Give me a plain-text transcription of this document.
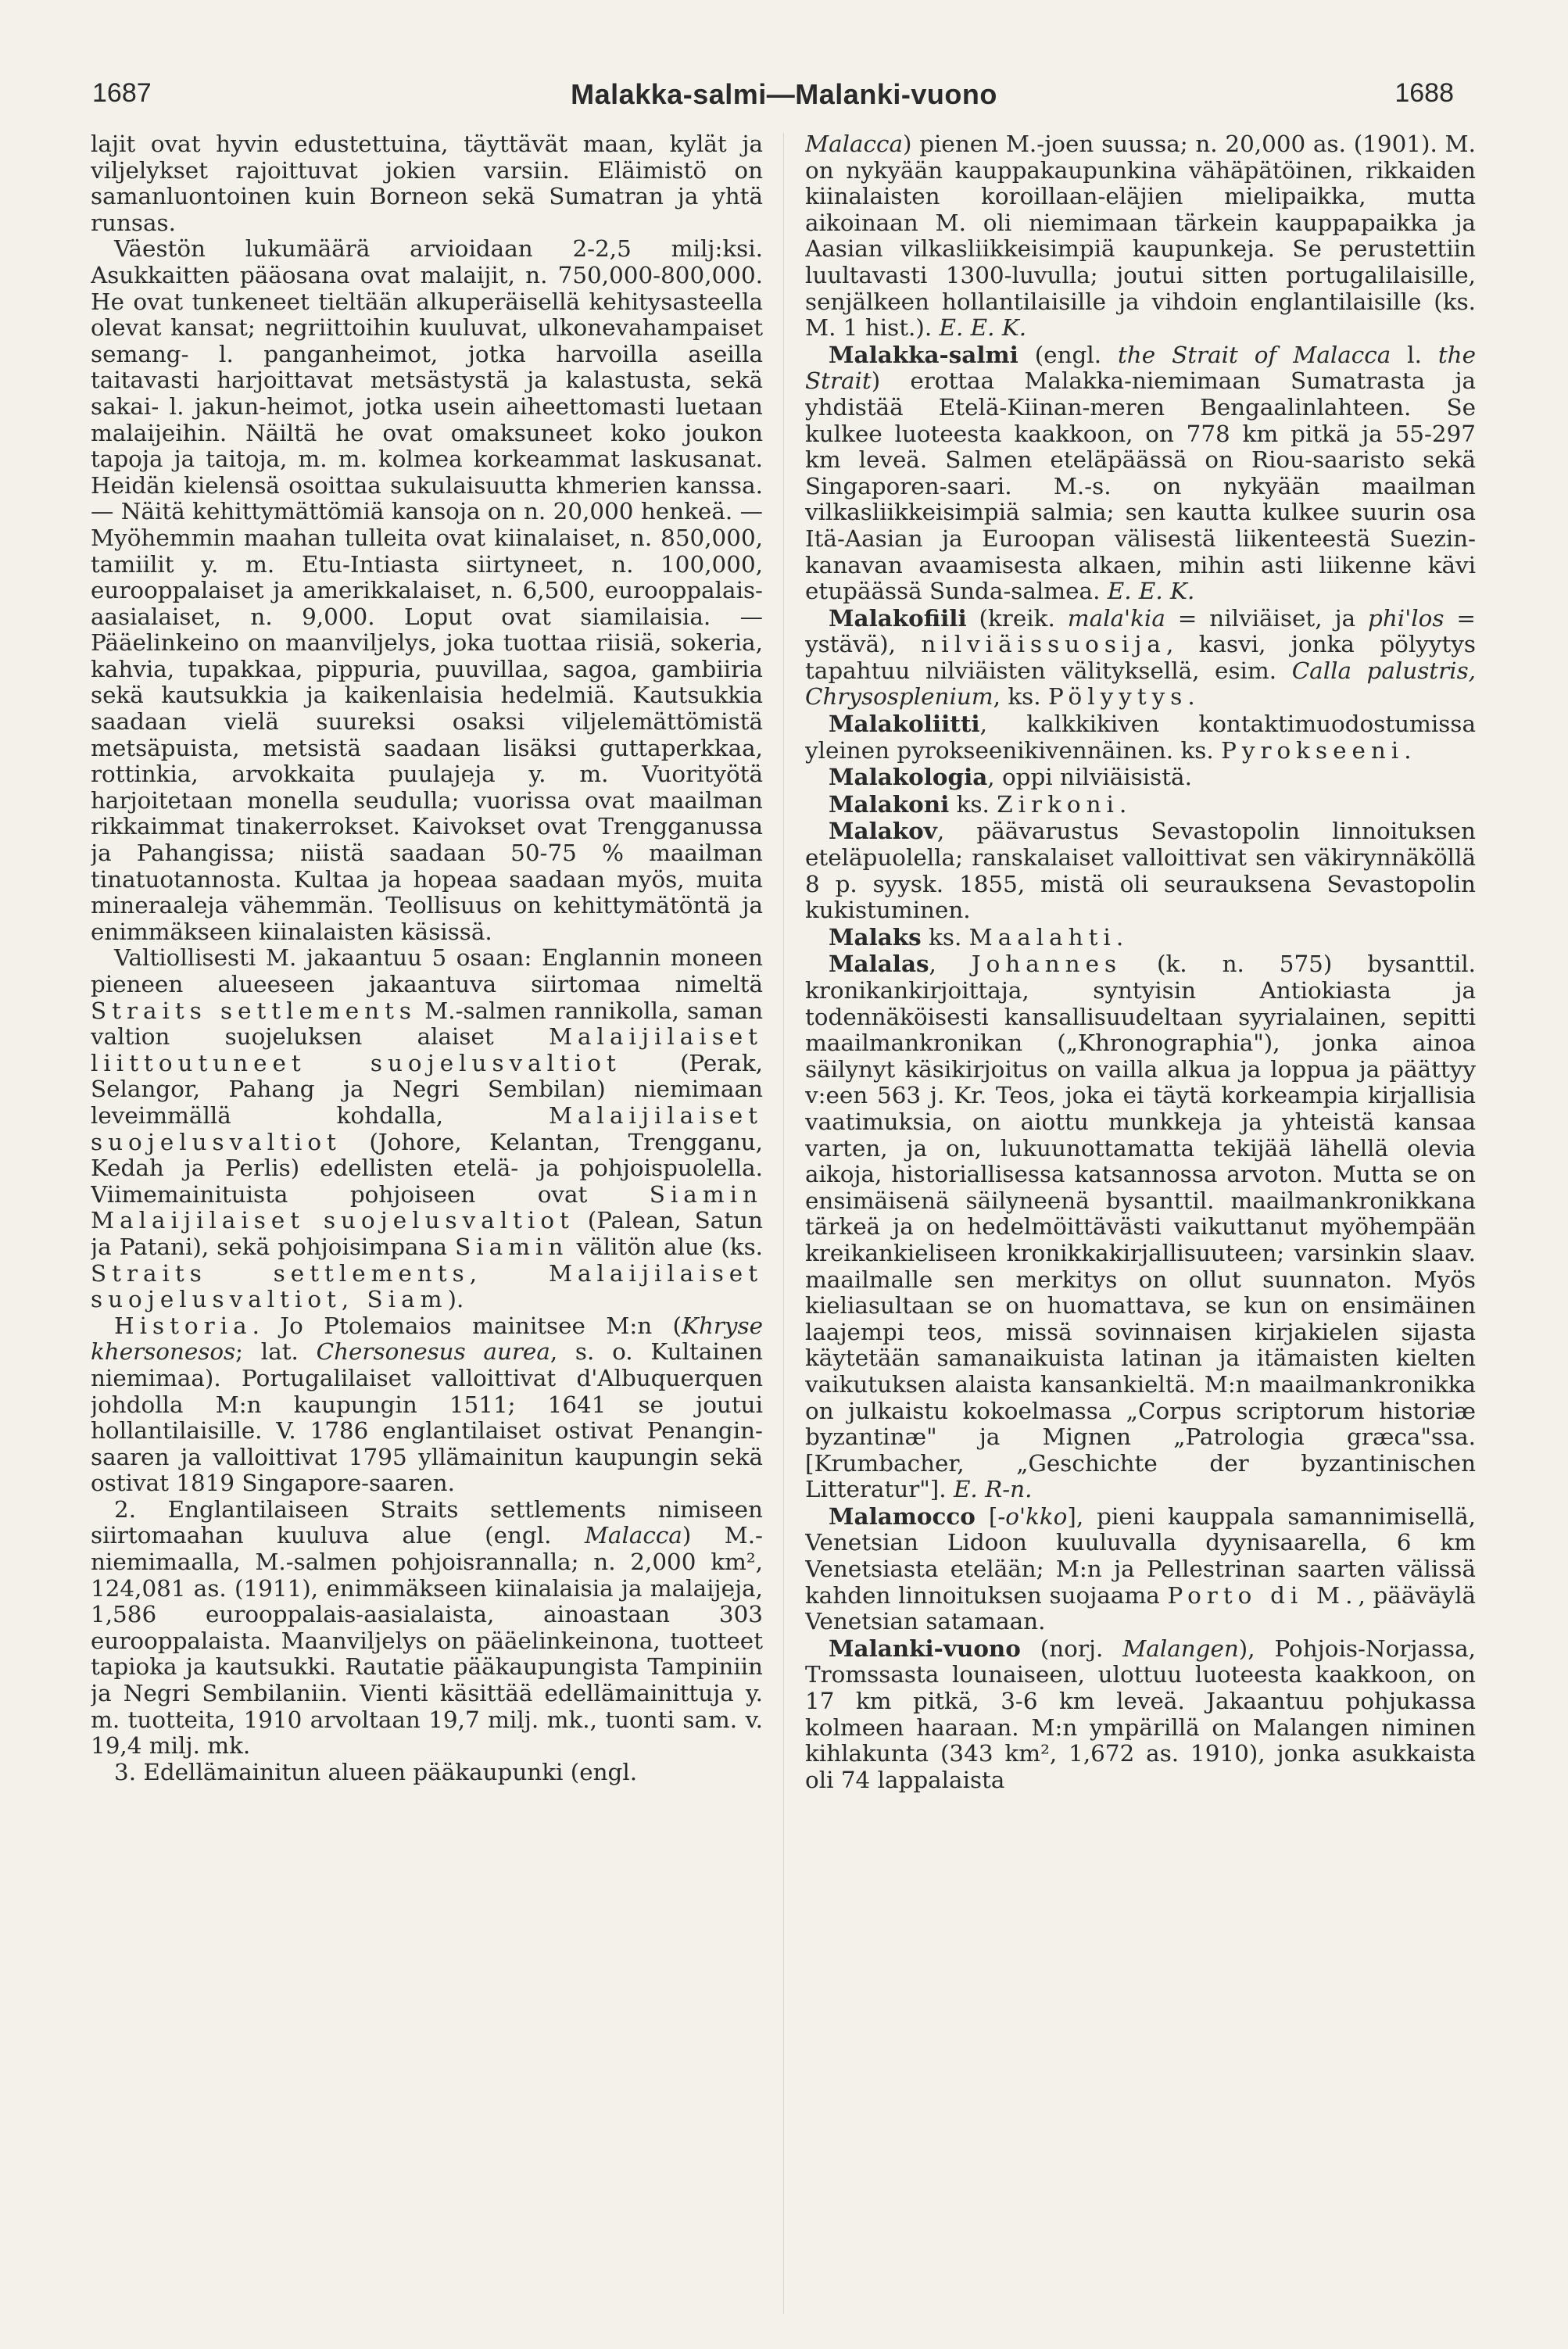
1687	Malakka-salmi—Malanki-vuono	1688

lajit ovat hyvin edustettuina, täyttävät maan, kylät ja viljelykset rajoittuvat jokien varsiin. Eläimistö on samanluontoinen kuin Borneon sekä Sumatran ja yhtä runsas.

Väestön lukumäärä arvioidaan 2-2,5 milj:ksi. Asukkaitten pääosana ovat malaijit, n. 750,000-800,000. He ovat tunkeneet tieltään alkuperäisellä kehitysasteella olevat kansat; negriittoihin kuuluvat, ulkonevahampaiset semang- l. panganheimot, jotka harvoilla aseilla taitavasti harjoittavat metsästystä ja kalastusta, sekä sakai- l. jakun-heimot, jotka usein aiheettomasti luetaan malaijeihin. Näiltä he ovat omaksuneet koko joukon tapoja ja taitoja, m. m. kolmea korkeammat laskusanat. Heidän kielensä osoittaa sukulaisuutta khmerien kanssa. — Näitä kehittymättömiä kansoja on n. 20,000 henkeä. — Myöhemmin maahan tulleita ovat kiinalaiset, n. 850,000, tamiilit y. m. Etu-Intiasta siirtyneet, n. 100,000, eurooppalaiset ja amerikkalaiset, n. 6,500, eurooppalais-aasialaiset, n. 9,000. Loput ovat siamilaisia. — Pääelinkeino on maanviljelys, joka tuottaa riisiä, sokeria, kahvia, tupakkaa, pippuria, puuvillaa, sagoa, gambiiria sekä kautsukkia ja kaikenlaisia hedelmiä. Kautsukkia saadaan vielä suureksi osaksi viljelemättömistä metsäpuista, metsistä saadaan lisäksi guttaperkkaa, rottinkia, arvokkaita puulajeja y. m. Vuorityötä harjoitetaan monella seudulla; vuorissa ovat maailman rikkaimmat tinakerrokset. Kaivokset ovat Trengganussa ja Pahangissa; niistä saadaan 50-75 % maailman tinatuotannosta. Kultaa ja hopeaa saadaan myös, muita mineraaleja vähemmän. Teollisuus on kehittymätöntä ja enimmäkseen kiinalaisten käsissä.

Valtiollisesti M. jakaantuu 5 osaan: Englannin moneen pieneen alueeseen jakaantuva siirtomaa nimeltä Straits settlements M.-salmen rannikolla, saman valtion suojeluksen alaiset Malaijilaiset liittoutuneet suojelusvaltiot (Perak, Selangor, Pahang ja Negri Sembilan) niemimaan leveimmällä kohdalla, Malaijilaiset suojelusvaltiot (Johore, Kelantan, Trengganu, Kedah ja Perlis) edellisten etelä- ja pohjoispuolella. Viimemainituista pohjoiseen ovat Siamin Malaijilaiset suojelusvaltiot (Palean, Satun ja Patani), sekä pohjoisimpana Siamin välitön alue (ks. Straits settlements, Malaijilaiset suojelusvaltiot, Siam).

Historia. Jo Ptolemaios mainitsee M:n (Khryse khersonesos; lat. Chersonesus aurea, s. o. Kultainen niemimaa). Portugalilaiset valloittivat d'Albuquerquen johdolla M:n kaupungin 1511; 1641 se joutui hollantilaisille. V. 1786 englantilaiset ostivat Penangin-saaren ja valloittivat 1795 yllämainitun kaupungin sekä ostivat 1819 Singapore-saaren.

2. Englantilaiseen Straits settlements nimiseen siirtomaahan kuuluva alue (engl. Malacca) M.-niemimaalla, M.-salmen pohjoisrannalla; n. 2,000 km², 124,081 as. (1911), enimmäkseen kiinalaisia ja malaijeja, 1,586 eurooppalais-aasialaista, ainoastaan 303 eurooppalaista. Maanviljelys on pääelinkeinona, tuotteet tapioka ja kautsukki. Rautatie pääkaupungista Tampiniin ja Negri Sembilaniin. Vienti käsittää edellämainittuja y. m. tuotteita, 1910 arvoltaan 19,7 milj. mk., tuonti sam. v. 19,4 milj. mk.

3. Edellämainitun alueen pääkaupunki (engl.

Malacca) pienen M.-joen suussa; n. 20,000 as. (1901). M. on nykyään kauppakaupunkina vähäpätöinen, rikkaiden kiinalaisten koroillaan-eläjien mielipaikka, mutta aikoinaan M. oli niemimaan tärkein kauppapaikka ja Aasian vilkasliikkeisimpiä kaupunkeja. Se perustettiin luultavasti 1300-luvulla; joutui sitten portugalilaisille, senjälkeen hollantilaisille ja vihdoin englantilaisille (ks. M. 1 hist.). E. E. K.

Malakka-salmi (engl. the Strait of Malacca l. the Strait) erottaa Malakka-niemimaan Sumatrasta ja yhdistää Etelä-Kiinan-meren Bengaalinlahteen. Se kulkee luoteesta kaakkoon, on 778 km pitkä ja 55-297 km leveä. Salmen eteläpäässä on Riou-saaristo sekä Singaporen-saari. M.-s. on nykyään maailman vilkasliikkeisimpiä salmia; sen kautta kulkee suurin osa Itä-Aasian ja Euroopan välisestä liikenteestä Suezin-kanavan avaamisesta alkaen, mihin asti liikenne kävi etupäässä Sunda-salmea. E. E. K.

Malakofiili (kreik. mala'kia = nilviäiset, ja phi'los = ystävä), nilviäissuosija, kasvi, jonka pölyytys tapahtuu nilviäisten välityksellä, esim. Calla palustris, Chrysosplenium, ks. Pölyytys.

Malakoliitti, kalkkikiven kontaktimuodostumissa yleinen pyrokseenikivennäinen. ks. Pyrokseeni.

Malakologia, oppi nilviäisistä.

Malakoni ks. Zirkoni.

Malakov, päävarustus Sevastopolin linnoituksen eteläpuolella; ranskalaiset valloittivat sen väkirynnäköllä 8 p. syysk. 1855, mistä oli seurauksena Sevastopolin kukistuminen.

Malaks ks. Maalahti.

Malalas, Johannes (k. n. 575) bysanttil. kronikankirjoittaja, syntyisin Antiokiasta ja todennäköisesti kansallisuudeltaan syyrialainen, sepitti maailmankronikan („Khronographia"), jonka ainoa säilynyt käsikirjoitus on vailla alkua ja loppua ja päättyy v:een 563 j. Kr. Teos, joka ei täytä korkeampia kirjallisia vaatimuksia, on aiottu munkkeja ja yhteistä kansaa varten, ja on, lukuunottamatta tekijää lähellä olevia aikoja, historiallisessa katsannossa arvoton. Mutta se on ensimäisenä säilyneenä bysanttil. maailmankronikkana tärkeä ja on hedelmöittävästi vaikuttanut myöhempään kreikankieliseen kronikkakirjallisuuteen; varsinkin slaav. maailmalle sen merkitys on ollut suunnaton. Myös kieliasultaan se on huomattava, se kun on ensimäinen laajempi teos, missä sovinnaisen kirjakielen sijasta käytetään samanaikuista latinan ja itämaisten kielten vaikutuksen alaista kansankieltä. M:n maailmankronikka on julkaistu kokoelmassa „Corpus scriptorum historiæ byzantinæ" ja Mignen „Patrologia græca"ssa. [Krumbacher, „Geschichte der byzantinischen Litteratur"]. E. R-n.

Malamocco [-o'kko], pieni kauppala samannimisellä, Venetsian Lidoon kuuluvalla dyynisaarella, 6 km Venetsiasta etelään; M:n ja Pellestrinan saarten välissä kahden linnoituksen suojaama Porto di M., pääväylä Venetsian satamaan.

Malanki-vuono (norj. Malangen), Pohjois-Norjassa, Tromssasta lounaiseen, ulottuu luoteesta kaakkoon, on 17 km pitkä, 3-6 km leveä. Jakaantuu pohjukassa kolmeen haaraan. M:n ympärillä on Malangen niminen kihlakunta (343 km², 1,672 as. 1910), jonka asukkaista oli 74 lappalaista
